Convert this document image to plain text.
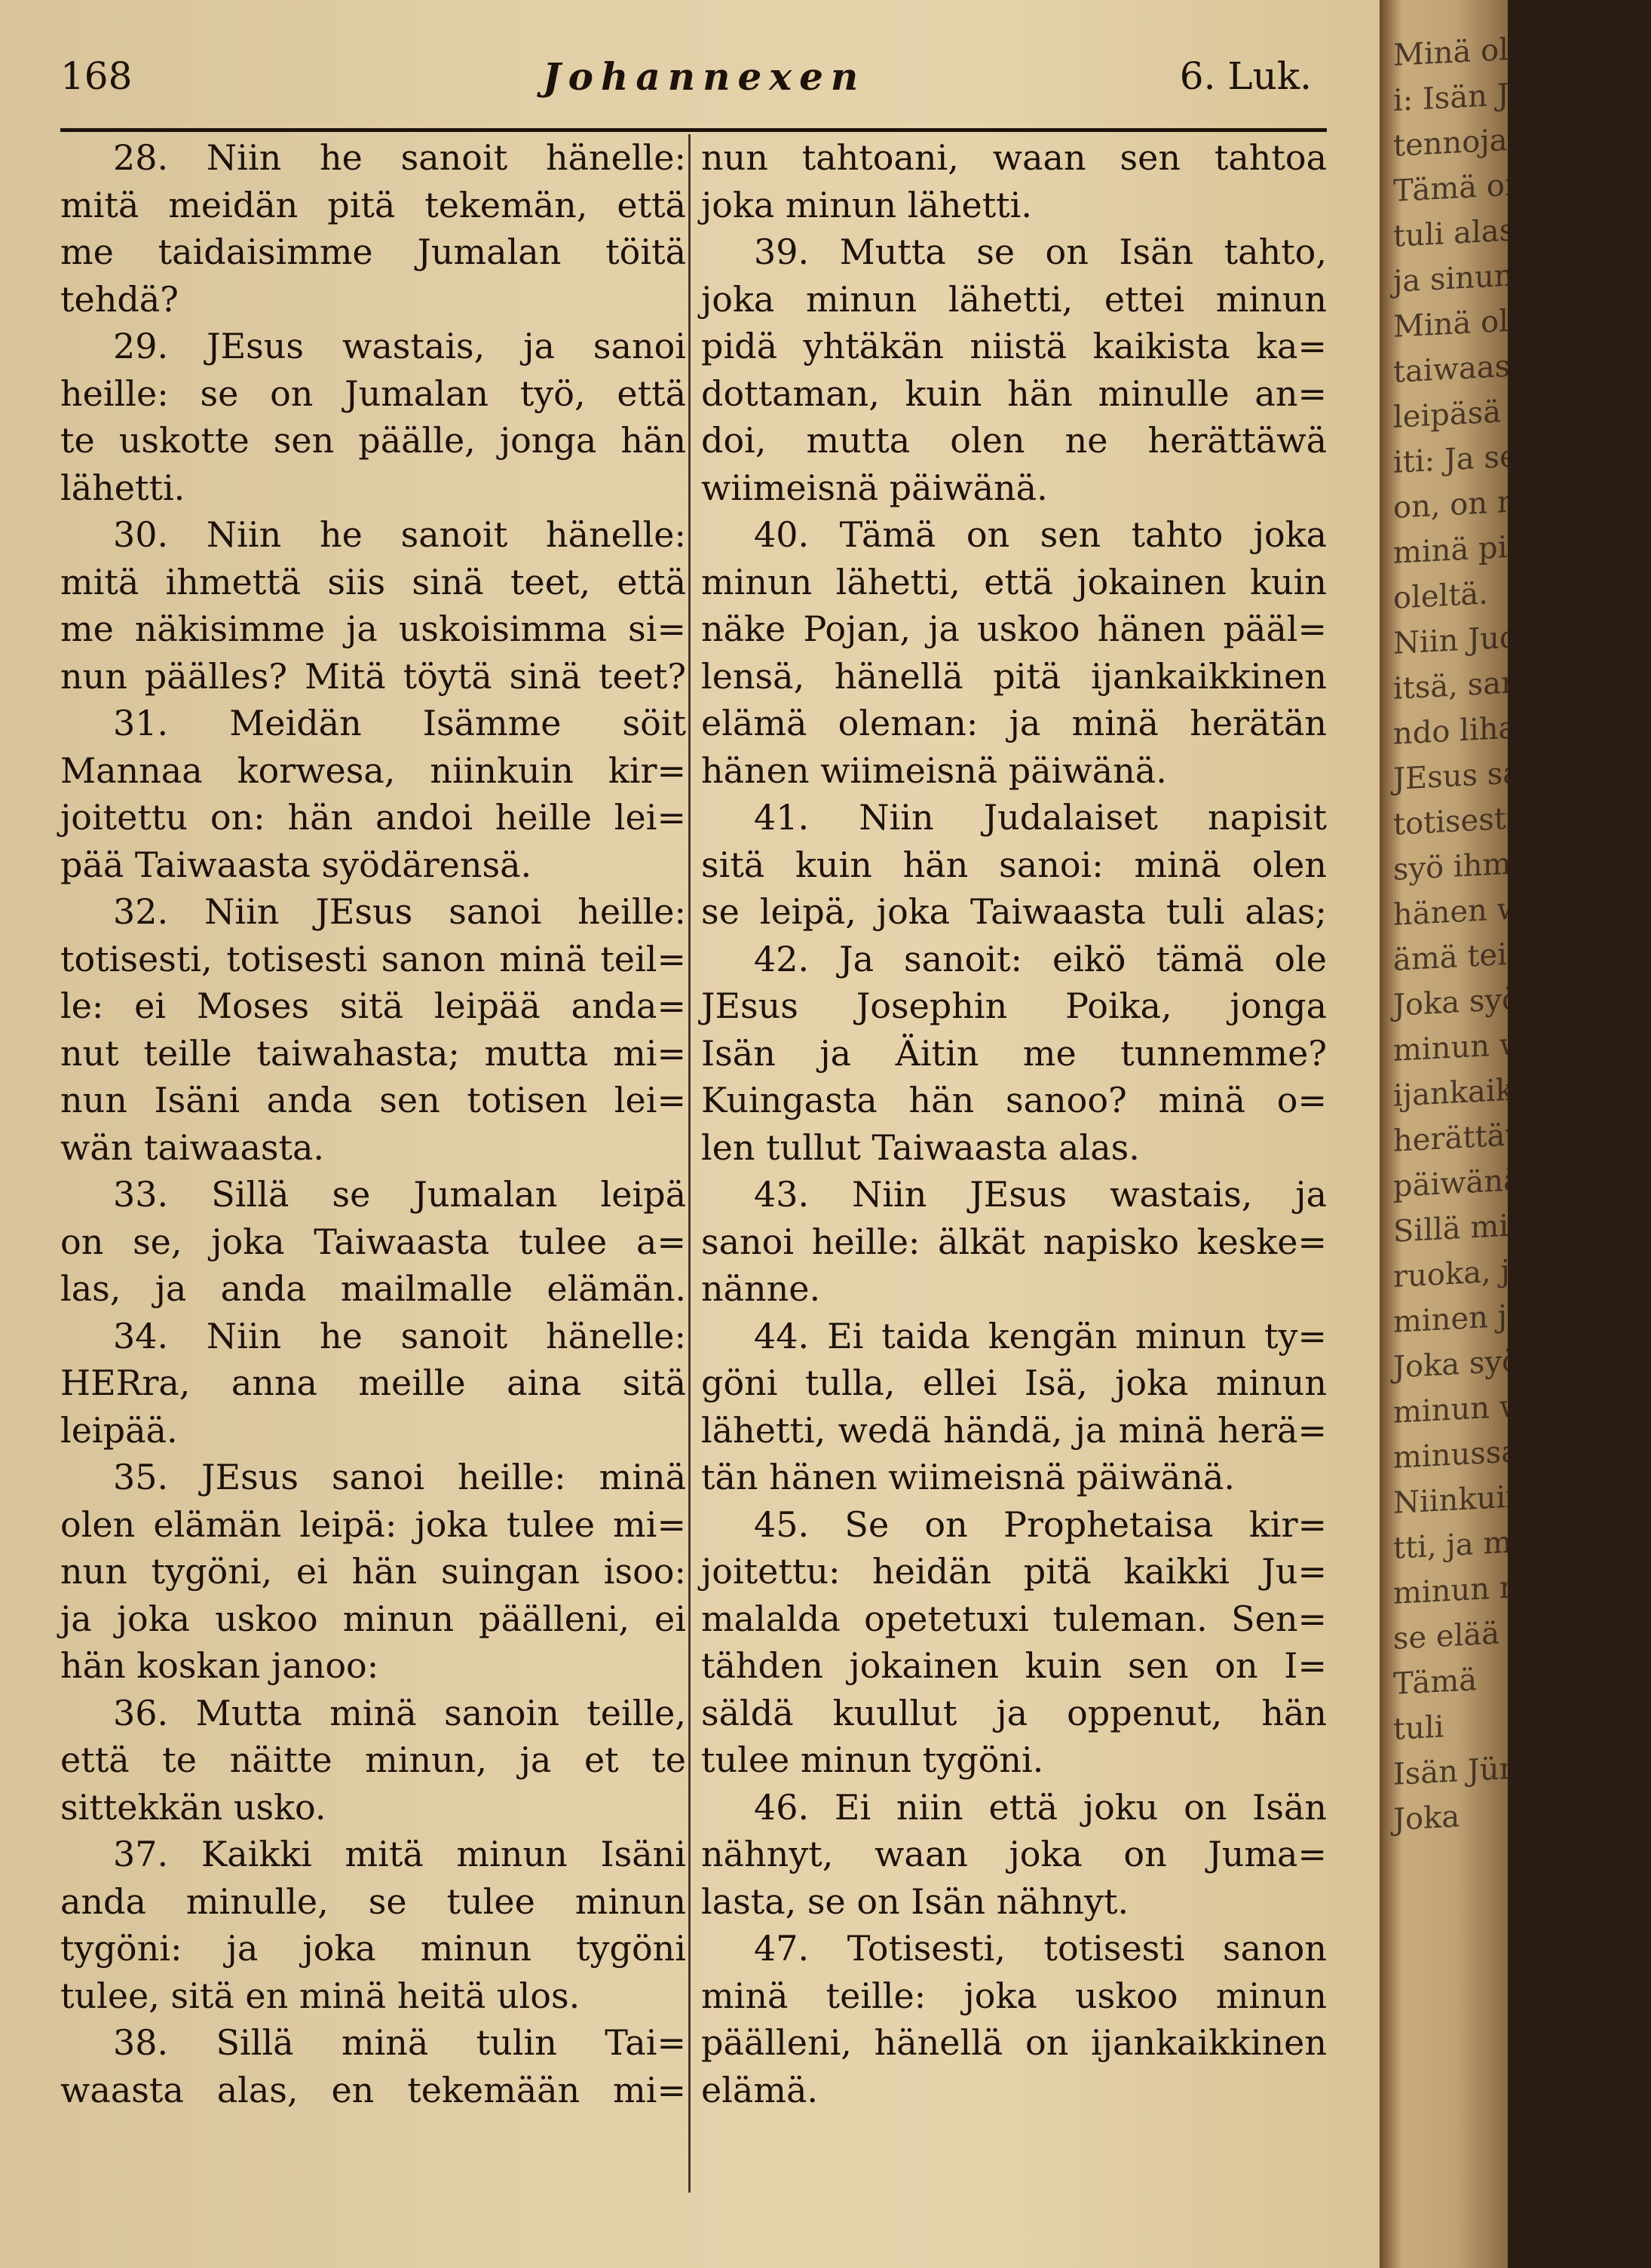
168	Johannexen	6. Luk.
28. Niin he sanoit hänelle:
mitä meidän pitä tekemän, että
me taidaisimme Jumalan töitä
tehdä?
29. JEsus wastais, ja sanoi
heille: se on Jumalan työ, että
te uskotte sen päälle, jonga hän
lähetti.
30. Niin he sanoit hänelle:
mitä ihmettä siis sinä teet, että
me näkisimme ja uskoisimma si=
nun päälles? Mitä töytä sinä teet?
31. Meidän Isämme söit
Mannaa korwesa, niinkuin kir=
joitettu on: hän andoi heille lei=
pää Taiwaasta syödärensä.
32. Niin JEsus sanoi heille:
totisesti, totisesti sanon minä teil=
le: ei Moses sitä leipää anda=
nut teille taiwahasta; mutta mi=
nun Isäni anda sen totisen lei=
wän taiwaasta.
33. Sillä se Jumalan leipä
on se, joka Taiwaasta tulee a=
las, ja anda mailmalle elämän.
34. Niin he sanoit hänelle:
HERra, anna meille aina sitä
leipää.
35. JEsus sanoi heille: minä
olen elämän leipä: joka tulee mi=
nun tygöni, ei hän suingan isoo:
ja joka uskoo minun päälleni, ei
hän koskan janoo:
36. Mutta minä sanoin teille,
että te näitte minun, ja et te
sittekkän usko.
37. Kaikki mitä minun Isäni
anda minulle, se tulee minun
tygöni: ja joka minun tygöni
tulee, sitä en minä heitä ulos.
38. Sillä minä tulin Tai=
waasta alas, en tekemään mi=
nun tahtoani, waan sen tahtoa
joka minun lähetti.
39. Mutta se on Isän tahto,
joka minun lähetti, ettei minun
pidä yhtäkän niistä kaikista ka=
dottaman, kuin hän minulle an=
doi, mutta olen ne herättäwä
wiimeisnä päiwänä.
40. Tämä on sen tahto joka
minun lähetti, että jokainen kuin
näke Pojan, ja uskoo hänen pääl=
lensä, hänellä pitä ijankaikkinen
elämä oleman: ja minä herätän
hänen wiimeisnä päiwänä.
41. Niin Judalaiset napisit
sitä kuin hän sanoi: minä olen
se leipä, joka Taiwaasta tuli alas;
42. Ja sanoit: eikö tämä ole
JEsus Josephin Poika, jonga
Isän ja Äitin me tunnemme?
Kuingasta hän sanoo? minä o=
len tullut Taiwaasta alas.
43. Niin JEsus wastais, ja
sanoi heille: älkät napisko keske=
nänne.
44. Ei taida kengän minun ty=
göni tulla, ellei Isä, joka minun
lähetti, wedä händä, ja minä herä=
tän hänen wiimeisnä päiwänä.
45. Se on Prophetaisa kir=
joitettu: heidän pitä kaikki Ju=
malalda opetetuxi tuleman. Sen=
tähden jokainen kuin sen on I=
säldä kuullut ja oppenut, hän
tulee minun tygöni.
46. Ei niin että joku on Isän
nähnyt, waan joka on Juma=
lasta, se on Isän nähnyt.
47. Totisesti, totisesti sanon
minä teille: joka uskoo minun
päälleni, hänellä on ijankaikkinen
elämä.
Minä olen
i: Isän Jümm
tennoja, ja kuolit
Tämä on se
tuli alas,
ja sinun pitä sö
Minä olen se
taiwaasta tuli al
leipäsä syö,
iti: Ja se leipä
on, on minun
minä pitä andam
oleltä.
Niin Juda
itsä, sanoden:
ndo lihansa
JEsus sano
totisesti sanon
syö ihmisen
hänen wert
ämä teisä.
Joka syö
minun we
ijankaikkinen
herättäwä
päiwänä.
Sillä min
ruoka, ja
minen juoma.
Joka syö
minun we
minussa, ja minä
Niinkuin
tti, ja mi
minun myös
se elää m
Tämä
tuli
Isän Jümm
Joka
